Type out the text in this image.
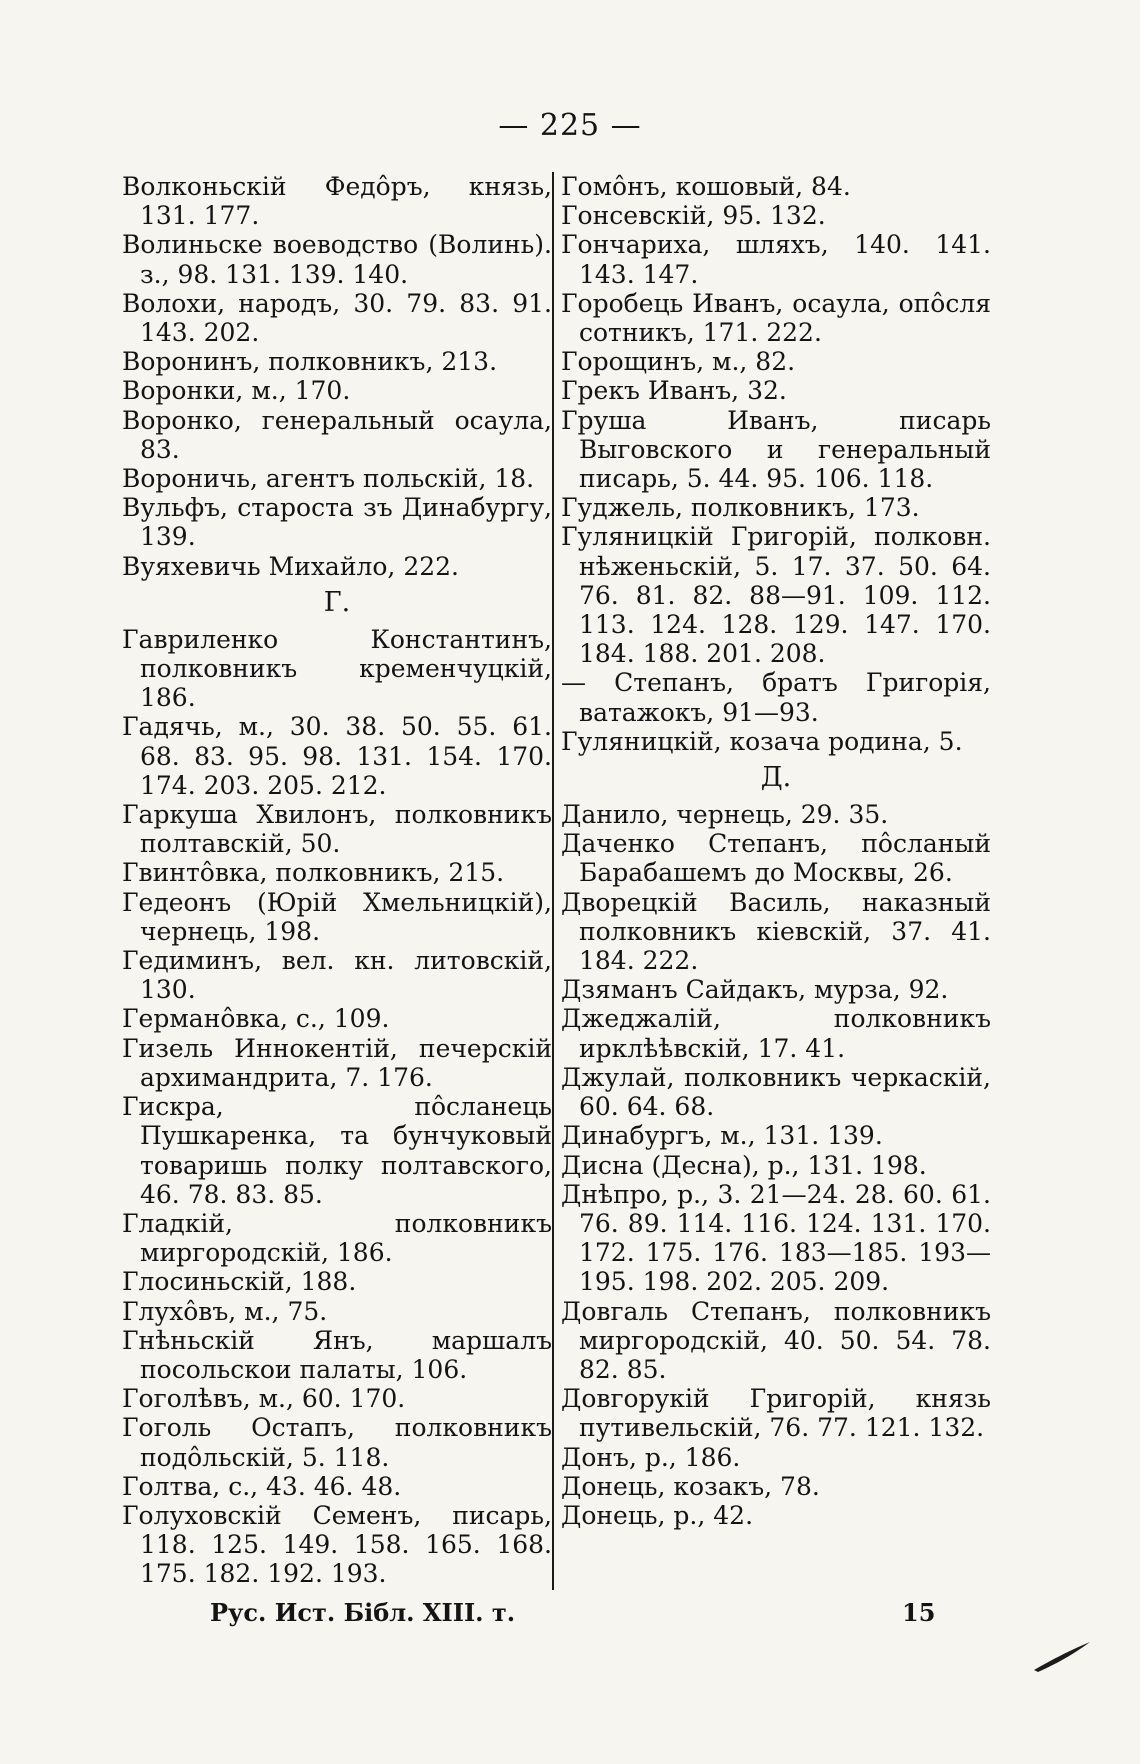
— 225 —
Волконьскій Федôръ, князь, 131. 177.
Волиньске воеводство (Волинь). з., 98. 131. 139. 140.
Волохи, народъ, 30. 79. 83. 91. 143. 202.
Воронинъ, полковникъ, 213.
Воронки, м., 170.
Воронко, генеральный осаула, 83.
Вороничь, агентъ польскій, 18.
Вульфъ, староста зъ Динабургу, 139.
Вуяхевичь Михайло, 222.
Г.
Гавриленко Константинъ, полковникъ кременчуцкій, 186.
Гадячь, м., 30. 38. 50. 55. 61. 68. 83. 95. 98. 131. 154. 170. 174. 203. 205. 212.
Гаркуша Хвилонъ, полковникъ полтавскій, 50.
Гвинтôвка, полковникъ, 215.
Гедеонъ (Юрій Хмельницкій), чернець, 198.
Гедиминъ, вел. кн. литовскій, 130.
Германôвка, с., 109.
Гизель Иннокентій, печерскій архимандрита, 7. 176.
Гискра, пôсланець Пушкаренка, та бунчуковый товаришь полку полтавского, 46. 78. 83. 85.
Гладкій, полковникъ миргородскій, 186.
Глосиньскій, 188.
Глухôвъ, м., 75.
Гнѣньскій Янъ, маршалъ посольскои палаты, 106.
Гоголѣвъ, м., 60. 170.
Гоголь Остапъ, полковникъ подôльскій, 5. 118.
Голтва, с., 43. 46. 48.
Голуховскій Семенъ, писарь, 118. 125. 149. 158. 165. 168. 175. 182. 192. 193.
Гомôнъ, кошовый, 84.
Гонсевскій, 95. 132.
Гончариха, шляхъ, 140. 141. 143. 147.
Горобець Иванъ, осаула, опôсля сотникъ, 171. 222.
Горощинъ, м., 82.
Грекъ Иванъ, 32.
Груша Иванъ, писарь Выговского и генеральный писарь, 5. 44. 95. 106. 118.
Гуджель, полковникъ, 173.
Гуляницкій Григорій, полковн. нѣженьскій, 5. 17. 37. 50. 64. 76. 81. 82. 88—91. 109. 112. 113. 124. 128. 129. 147. 170. 184. 188. 201. 208.
— Степанъ, братъ Григорія, ватажокъ, 91—93.
Гуляницкій, козача родина, 5.
Д.
Данило, чернець, 29. 35.
Даченко Степанъ, пôсланый Барабашемъ до Москвы, 26.
Дворецкій Василь, наказный полковникъ кіевскій, 37. 41. 184. 222.
Дзяманъ Сайдакъ, мурза, 92.
Джеджалій, полковникъ ирклѣѣвскій, 17. 41.
Джулай, полковникъ черкаскій, 60. 64. 68.
Динабургъ, м., 131. 139.
Дисна (Десна), р., 131. 198.
Днѣпро, р., 3. 21—24. 28. 60. 61. 76. 89. 114. 116. 124. 131. 170. 172. 175. 176. 183—185. 193—195. 198. 202. 205. 209.
Довгаль Степанъ, полковникъ миргородскій, 40. 50. 54. 78. 82. 85.
Довгорукій Григорій, князь путивельскій, 76. 77. 121. 132.
Донъ, р., 186.
Донець, козакъ, 78.
Донець, р., 42.
Рус. Ист. Бібл. XIII. т.	15
